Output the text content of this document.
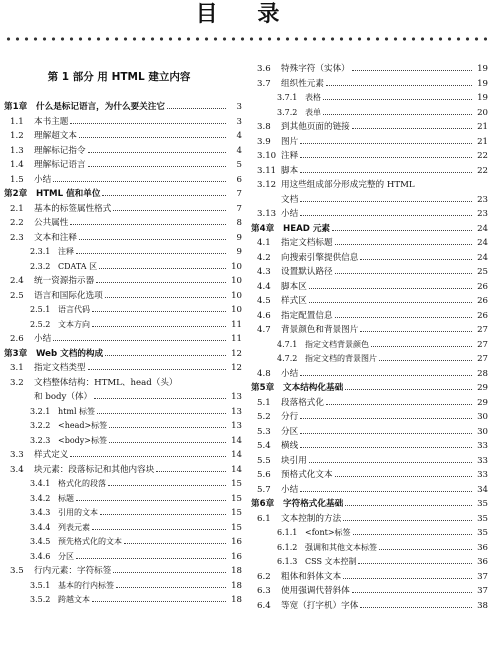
目 录
第 1 部分 用 HTML 建立内容
第1章	什么是标记语言，为什么要关注它	3
1.1	本书主题	3
1.2	理解超文本	4
1.3	理解标记指令	4
1.4	理解标记语言	5
1.5	小结	6
第2章	HTML 值和单位	7
2.1	基本的标签属性格式	7
2.2	公共属性	8
2.3	文本和注释	9
2.3.1 注释	9
2.3.2 CDATA 区	10
2.4	统一资源指示器	10
2.5	语言和国际化选项	10
2.5.1 语言代码	10
2.5.2 文本方向	11
2.6	小结	11
第3章	Web 文档的构成	12
3.1	指定文档类型	12
3.2	文档整体结构：HTML、head（头）
和 body（体）	13
3.2.1 html 标签	13
3.2.2 <head>标签	13
3.2.3 <body>标签	14
3.3	样式定义	14
3.4	块元素：段落标记和其他内容块	14
3.4.1 格式化的段落	15
3.4.2 标题	15
3.4.3 引用的文本	15
3.4.4 列表元素	15
3.4.5 预先格式化的文本	16
3.4.6 分区	16
3.5	行内元素：字符标签	18
3.5.1 基本的行内标签	18
3.5.2 跨越文本	18
3.6	特殊字符（实体）	19
3.7	组织性元素	19
3.7.1 表格	19
3.7.2 表单	20
3.8	到其他页面的链接	21
3.9	图片	21
3.10 注释	22
3.11 脚本	22
3.12 用这些组成部分形成完整的 HTML
文档	23
3.13 小结	23
第4章	HEAD 元素	24
4.1	指定文档标题	24
4.2	向搜索引擎提供信息	24
4.3	设置默认路径	25
4.4	脚本区	26
4.5	样式区	26
4.6	指定配置信息	26
4.7	背景颜色和背景图片	27
4.7.1 指定文档背景颜色	27
4.7.2 指定文档的背景图片	27
4.8	小结	28
第5章	文本结构化基础	29
5.1	段落格式化	29
5.2	分行	30
5.3	分区	30
5.4	横线	33
5.5	块引用	33
5.6	预格式化文本	33
5.7	小结	34
第6章	字符格式化基础	35
6.1	文本控制的方法	35
6.1.1 <font>标签	35
6.1.2 强调和其他文本标签	36
6.1.3 CSS 文本控制	36
6.2	粗体和斜体文本	37
6.3	使用强调代替斜体	37
6.4	等宽（打字机）字体	38
